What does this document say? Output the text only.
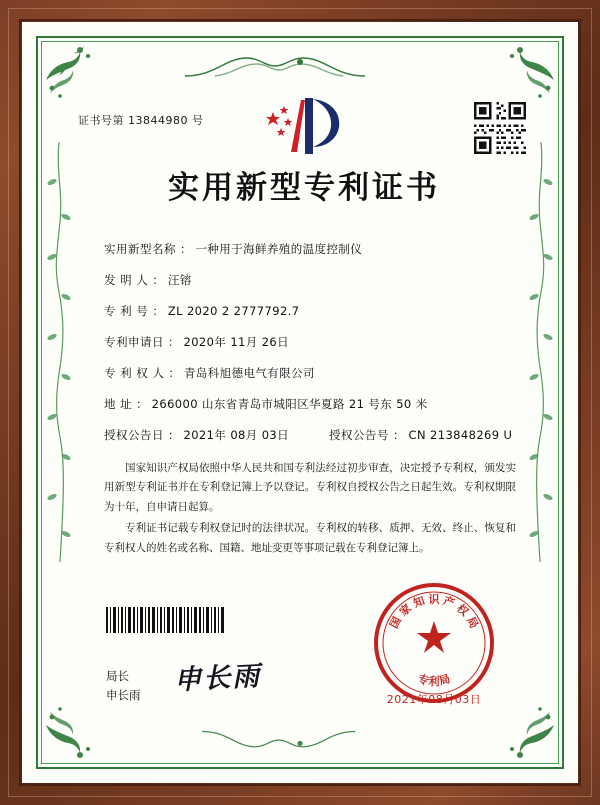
证书号第 13844980 号
实用新型专利证书
实用新型名称 ： 一种用于海鲜养殖的温度控制仪
发 明 人 ： 汪镕
专 利 号 ： ZL 2020 2 2777792.7
专利申请日 ： 2020年 11月 26日
专 利 权 人 ： 青岛科旭德电气有限公司
地 址 ： 266000 山东省青岛市城阳区华夏路 21 号东 50 米
授权公告日 ： 2021年 08月 03日	授权公告号 ： CN 213848269 U

国家知识产权局依照中华人民共和国专利法经过初步审查，决定授予专利权，颁发实用新型专利证书并在专利登记簿上予以登记。专利权自授权公告之日起生效。专利权期限为十年，自申请日起算。

专利证书记载专利权登记时的法律状况。专利权的转移、质押、无效、终止、恢复和专利权人的姓名或名称、国籍、地址变更等事项记载在专利登记簿上。

局长
申长雨 申长雨
国
家
知 识 产
权
局
专
利
局
2021年08月03日
